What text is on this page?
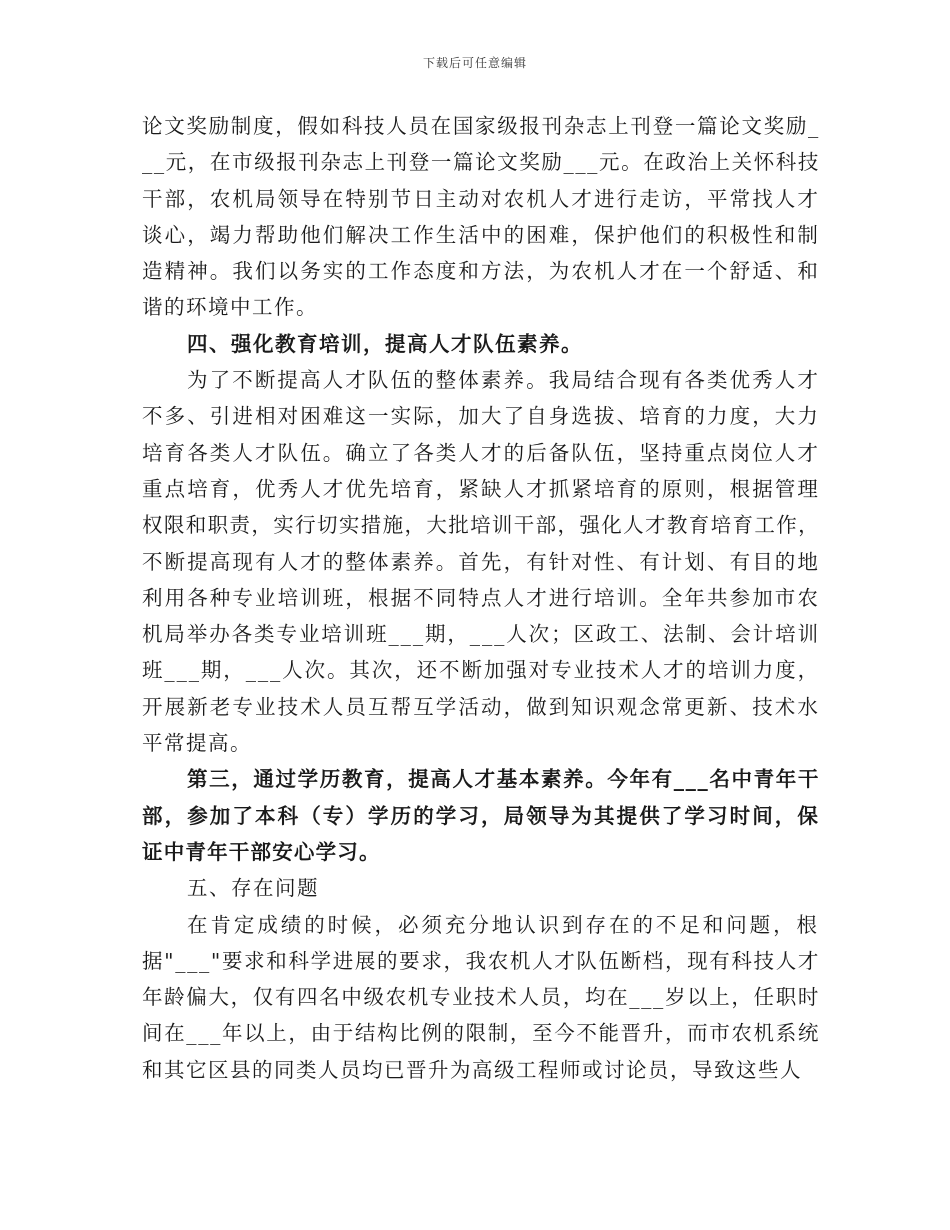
下载后可任意编辑

论文奖励制度，假如科技人员在国家级报刊杂志上刊登一篇论文奖励_
__元，在市级报刊杂志上刊登一篇论文奖励___元。在政治上关怀科技
干部，农机局领导在特别节日主动对农机人才进行走访，平常找人才
谈心，竭力帮助他们解决工作生活中的困难，保护他们的积极性和制
造精神。我们以务实的工作态度和方法，为农机人才在一个舒适、和
谐的环境中工作。

四、强化教育培训，提高人才队伍素养。

为了不断提高人才队伍的整体素养。我局结合现有各类优秀人才
不多、引进相对困难这一实际，加大了自身选拔、培育的力度，大力
培育各类人才队伍。确立了各类人才的后备队伍，坚持重点岗位人才
重点培育，优秀人才优先培育，紧缺人才抓紧培育的原则，根据管理
权限和职责，实行切实措施，大批培训干部，强化人才教育培育工作，
不断提高现有人才的整体素养。首先，有针对性、有计划、有目的地
利用各种专业培训班，根据不同特点人才进行培训。全年共参加市农
机局举办各类专业培训班___期，___人次；区政工、法制、会计培训
班___期，___人次。其次，还不断加强对专业技术人才的培训力度，
开展新老专业技术人员互帮互学活动，做到知识观念常更新、技术水
平常提高。

第三，通过学历教育，提高人才基本素养。今年有___名中青年干
部，参加了本科（专）学历的学习，局领导为其提供了学习时间，保
证中青年干部安心学习。

五、存在问题

在肯定成绩的时候，必须充分地认识到存在的不足和问题，根
据"___"要求和科学进展的要求，我农机人才队伍断档，现有科技人才
年龄偏大，仅有四名中级农机专业技术人员，均在___岁以上，任职时
间在___年以上，由于结构比例的限制，至今不能晋升，而市农机系统
和其它区县的同类人员均已晋升为高级工程师或讨论员，导致这些人
